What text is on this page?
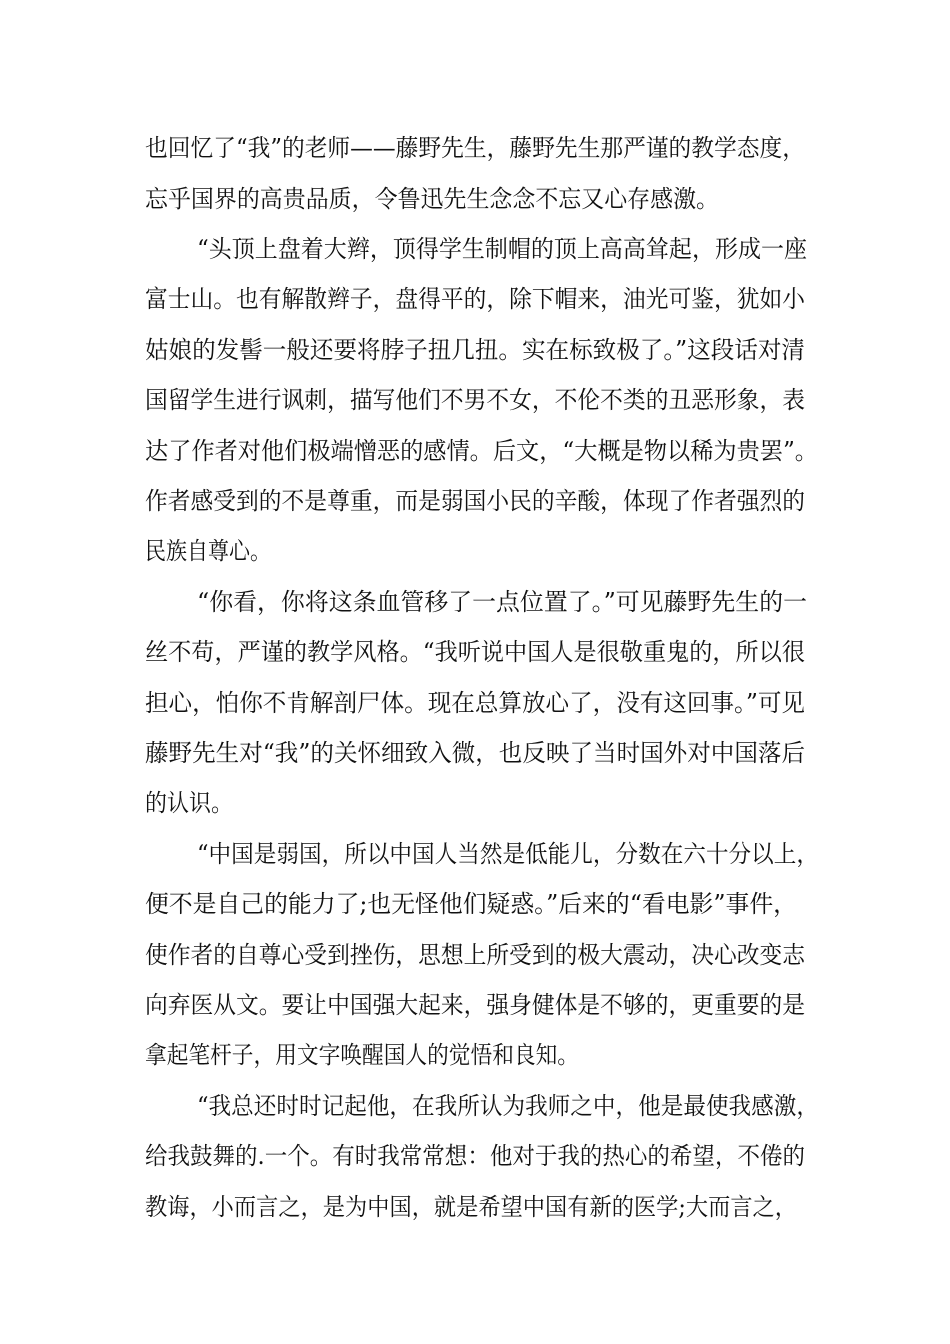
也回忆了“我”的老师——藤野先生，藤野先生那严谨的教学态度，
忘乎国界的高贵品质，令鲁迅先生念念不忘又心存感激。
“头顶上盘着大辫，顶得学生制帽的顶上高高耸起，形成一座
富士山。也有解散辫子，盘得平的，除下帽来，油光可鉴，犹如小
姑娘的发髻一般还要将脖子扭几扭。实在标致极了。”这段话对清
国留学生进行讽刺，描写他们不男不女，不伦不类的丑恶形象，表
达了作者对他们极端憎恶的感情。后文，“大概是物以稀为贵罢”。
作者感受到的不是尊重，而是弱国小民的辛酸，体现了作者强烈的
民族自尊心。
“你看，你将这条血管移了一点位置了。”可见藤野先生的一
丝不苟，严谨的教学风格。“我听说中国人是很敬重鬼的，所以很
担心，怕你不肯解剖尸体。现在总算放心了，没有这回事。”可见
藤野先生对“我”的关怀细致入微，也反映了当时国外对中国落后
的认识。
“中国是弱国，所以中国人当然是低能儿，分数在六十分以上，
便不是自己的能力了;也无怪他们疑惑。”后来的“看电影”事件，
使作者的自尊心受到挫伤，思想上所受到的极大震动，决心改变志
向弃医从文。要让中国强大起来，强身健体是不够的，更重要的是
拿起笔杆子，用文字唤醒国人的觉悟和良知。
“我总还时时记起他，在我所认为我师之中，他是最使我感激，
给我鼓舞的.一个。有时我常常想：他对于我的热心的希望，不倦的
教诲，小而言之，是为中国，就是希望中国有新的医学;大而言之，
